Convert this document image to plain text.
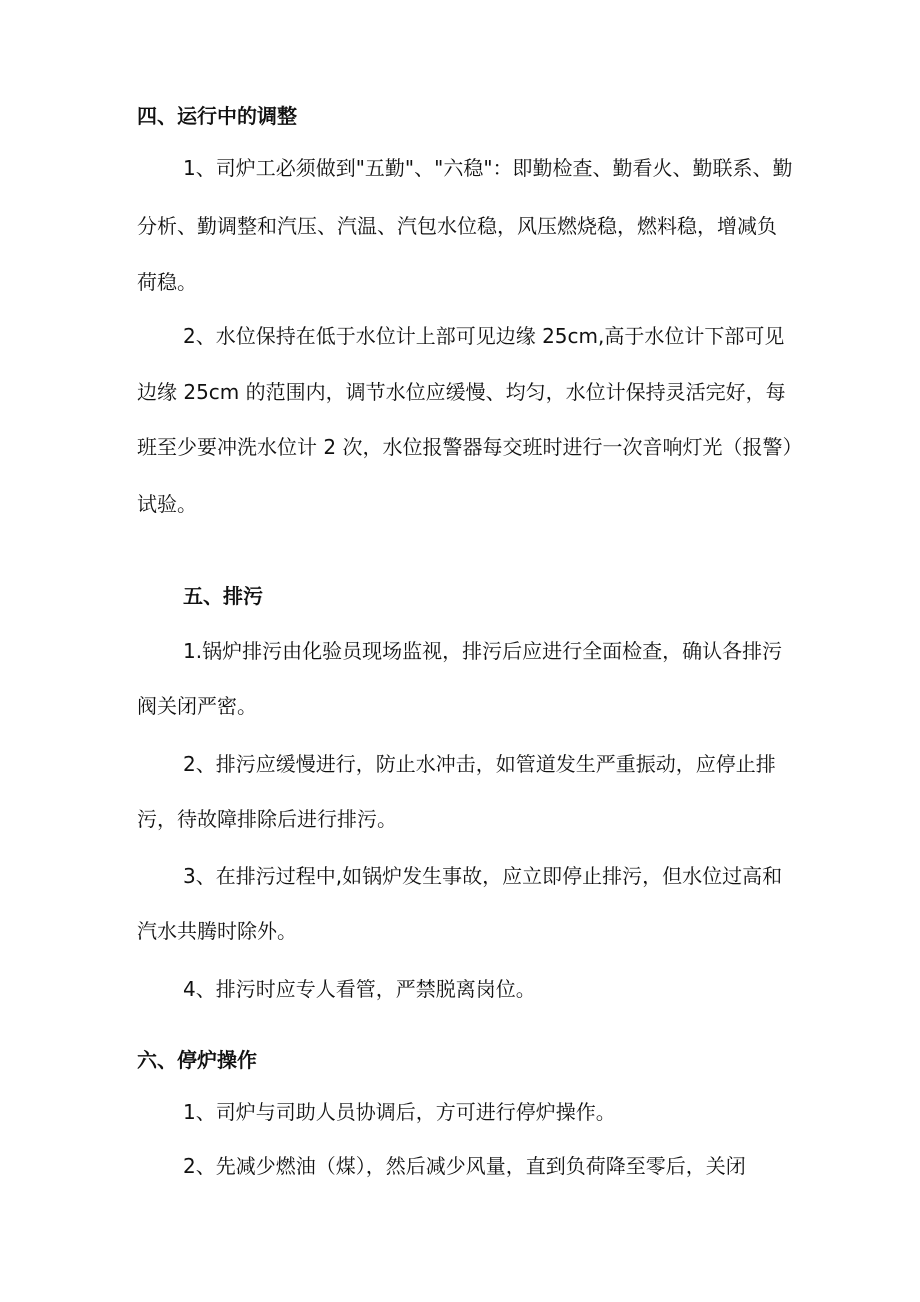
四、运行中的调整
1、司炉工必须做到"五勤"、"六稳"：即勤检查、勤看火、勤联系、勤
分析、勤调整和汽压、汽温、汽包水位稳，风压燃烧稳，燃料稳，增减负
荷稳。
2、水位保持在低于水位计上部可见边缘 25cm,高于水位计下部可见
边缘 25cm 的范围内，调节水位应缓慢、均匀，水位计保持灵活完好，每
班至少要冲洗水位计 2 次，水位报警器每交班时进行一次音响灯光（报警）
试验。
五、排污
1.锅炉排污由化验员现场监视，排污后应进行全面检查，确认各排污
阀关闭严密。
2、排污应缓慢进行，防止水冲击，如管道发生严重振动，应停止排
污，待故障排除后进行排污。
3、在排污过程中,如锅炉发生事故，应立即停止排污，但水位过高和
汽水共腾时除外。
4、排污时应专人看管，严禁脱离岗位。
六、停炉操作
1、司炉与司助人员协调后，方可进行停炉操作。
2、先减少燃油（煤），然后减少风量，直到负荷降至零后，关闭
